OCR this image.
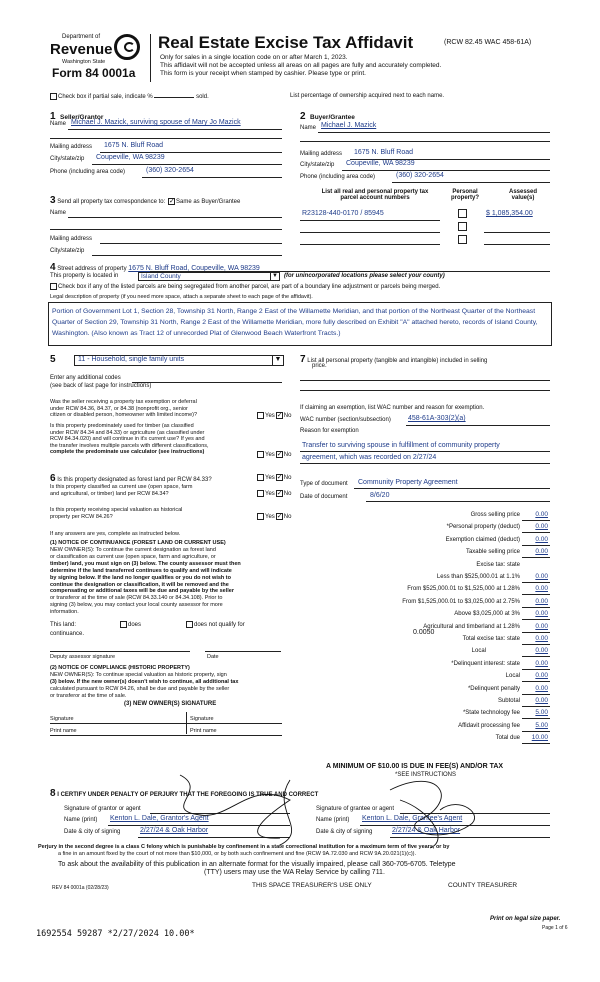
Department of
Revenue
Washington State
Form 84 0001a
Real Estate Excise Tax Affidavit	(RCW 82.45 WAC 458-61A)
Only for sales in a single location code on or after March 1, 2023.
This affidavit will not be accepted unless all areas on all pages are fully and accurately completed.
This form is your receipt when stamped by cashier. Please type or print.
Check box if partial sale, indicate %	sold.	List percentage of ownership acquired next to each name.
1 Seller/Grantor
Name Michael J. Mazick, surviving spouse of Mary Jo Mazick
Mailing address 1675 N. Bluff Road
City/state/zip Coupeville, WA 98239
Phone (including area code)	(360) 320-2654
2 Buyer/Grantee
Name Michael J. Mazick
Mailing address 1675 N. Bluff Road
City/state/zip Coupeville, WA 98239
Phone (including area code)	(360) 320-2654
3 Send all property tax correspondence to: ✓ Same as Buyer/Grantee
Name
Mailing address
City/state/zip
List all real and personal property tax
parcel account numbers
Personal
property?
Assessed
value(s)
R23128-440-0170 / 85945	$ 1,085,354.00
4 Street address of property 1675 N. Bluff Road, Coupeville, WA 98239
This property is located in	Island County	▼ (for unincorporated locations please select your county)
Check box if any of the listed parcels are being segregated from another parcel, are part of a boundary line adjustment or parcels being merged.
Legal description of property (if you need more space, attach a separate sheet to each page of the affidavit).
Portion of Government Lot 1, Section 28, Township 31 North, Range 2 East of the Willamette Meridian, and that portion of the Northeast Quarter of the Northeast Quarter of Section 29, Township 31 North, Range 2 East of the Willamette Meridian, more fully described on Exhibit "A" attached hereto, records of Island County, Washington. (Also known as Tract 12 of unrecorded Plat of Glenwood Beach Waterfront Tracts.)
5	11 - Household, single family units	▼
Enter any additional codes
(see back of last page for instructions)
Was the seller receiving a property tax exemption or deferral
under RCW 84.36, 84.37, or 84.38 (nonprofit org., senior
citizen or disabled person, homeowner with limited income)?	Yes ✓ No
Is this property predominately used for timber (as classified
under RCW 84.34 and 84.33) or agriculture (as classified under
RCW 84.34.020) and will continue in it's current use? If yes and
the transfer involves multiple parcels with different classifications,
complete the predominate use calculator (see instructions)
Yes ✓ No
6 Is this property designated as forest land per RCW 84.33?	Yes ✓ No
Is this property classified as current use (open space, farm
and agricultural, or timber) land per RCW 84.34?	Yes ✓ No
Is this property receiving special valuation as historical
property per RCW 84.26?	Yes ✓ No
If any answers are yes, complete as instructed below.
(1) NOTICE OF CONTINUANCE (FOREST LAND OR CURRENT USE)
NEW OWNER(S): To continue the current designation as forest land
or classification as current use (open space, farm and agriculture, or
timber) land, you must sign on (3) below. The county assessor must then
determine if the land transferred continues to qualify and will indicate
by signing below. If the land no longer qualifies or you do not wish to
continue the designation or classification, it will be removed and the
compensating or additional taxes will be due and payable by the seller
or transferor at the time of sale (RCW 84.33.140 or 84.34.108). Prior to
signing (3) below, you may contact your local county assessor for more
information.
This land:	does	does not qualify for
continuance.
Deputy assessor signature	Date
(2) NOTICE OF COMPLIANCE (HISTORIC PROPERTY)
NEW OWNER(S): To continue special valuation as historic property, sign
(3) below. If the new owner(s) doesn't wish to continue, all additional tax
calculated pursuant to RCW 84.26, shall be due and payable by the seller
or transferor at the time of sale.
(3) NEW OWNER(S) SIGNATURE
Signature	Signature
Print name	Print name
7 List all personal property (tangible and intangible) included in selling
price.
If claiming an exemption, list WAC number and reason for exemption.
WAC number (section/subsection) 458-61A-303(2)(a)
Reason for exemption
Transfer to surviving spouse in fulfillment of community property
agreement, which was recorded on 2/27/24
Type of document Community Property Agreement
Date of document	8/6/20
Gross selling price	0.00
*Personal property (deduct)	0.00
Exemption claimed (deduct)	0.00
Taxable selling price	0.00
Excise tax: state
Less than $525,000.01 at 1.1%	0.00
From $525,000.01 to $1,525,000 at 1.28%	0.00
From $1,525,000.01 to $3,025,000 at 2.75%	0.00
Above $3,025,000 at 3%	0.00
Agricultural and timberland at 1.28%	0.00
Total excise tax: state	0.00
Local	0.00
*Delinquent interest: state	0.00
Local	0.00
*Delinquent penalty	0.00
Subtotal	0.00
*State technology fee	5.00
Affidavit processing fee	5.00
Total due	10.00
0.0050
A MINIMUM OF $10.00 IS DUE IN FEE(S) AND/OR TAX
*SEE INSTRUCTIONS
8 I CERTIFY UNDER PENALTY OF PERJURY THAT THE FOREGOING IS TRUE AND CORRECT
Signature of grantor or agent
Name (print) Kenton L. Dale, Grantor's Agent
Date & city of signing	2/27/24 & Oak Harbor
Signature of grantee or agent
Name (print) Kenton L. Dale, Grantee's Agent
Date & city of signing	2/27/24 & Oak Harbor
Perjury in the second degree is a class C felony which is punishable by confinement in a state correctional institution for a maximum term of five years, or by
a fine in an amount fixed by the court of not more than $10,000, or by both such confinement and fine (RCW 9A.72.030 and RCW 9A.20.021(1)(c)).
To ask about the availability of this publication in an alternate format for the visually impaired, please call 360-705-6705. Teletype
(TTY) users may use the WA Relay Service by calling 711.
REV 84 0001a (02/28/23)	THIS SPACE TREASURER'S USE ONLY	COUNTY TREASURER
Print on legal size paper.
Page 1 of 6
1692554 59287 *2/27/2024 10.00*
